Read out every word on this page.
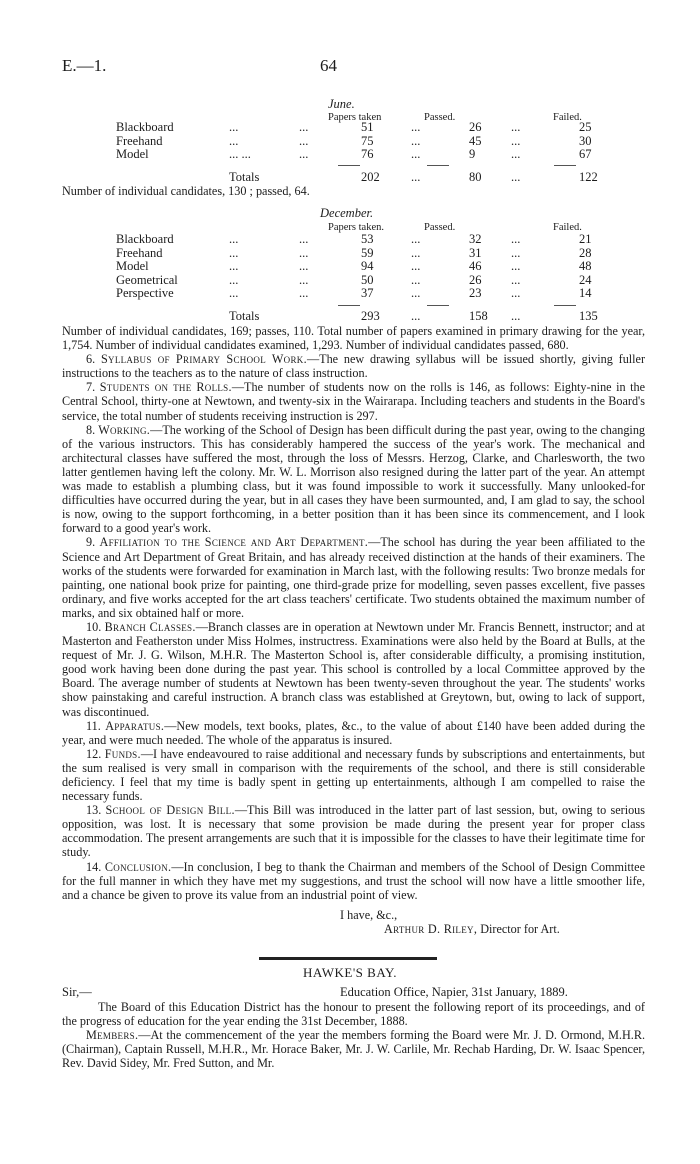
E.—1.	64
June.
Papers taken	Passed.	Failed.
Blackboard	...	...	51	...	26	...	25
Freehand	...	...	75	...	45	...	30
Model	... ...	...	76	...	9	...	67
	Totals		202	...	80	...	122
Number of individual candidates, 130 ; passed, 64.
December.
Papers taken.	Passed.	Failed.
Blackboard	...	...	53	...	32	...	21
Freehand	...	...	59	...	31	...	28
Model	...	...	94	...	46	...	48
Geometrical	...	...	50	...	26	...	24
Perspective	...	...	37	...	23	...	14
	Totals		293	...	158	...	135

Number of individual candidates, 169; passes, 110. Total number of papers examined in primary drawing for the year, 1,754. Number of individual candidates examined, 1,293. Number of individual candidates passed, 680.

6. Syllabus of Primary School Work.—The new drawing syllabus will be issued shortly, giving fuller instructions to the teachers as to the nature of class instruction.

7. Students on the Rolls.—The number of students now on the rolls is 146, as follows: Eighty-nine in the Central School, thirty-one at Newtown, and twenty-six in the Wairarapa. Including teachers and students in the Board's service, the total number of students receiving instruction is 297.

8. Working.—The working of the School of Design has been difficult during the past year, owing to the changing of the various instructors. This has considerably hampered the success of the year's work. The mechanical and architectural classes have suffered the most, through the loss of Messrs. Herzog, Clarke, and Charlesworth, the two latter gentlemen having left the colony. Mr. W. L. Morrison also resigned during the latter part of the year. An attempt was made to establish a plumbing class, but it was found impossible to work it successfully. Many unlooked-for difficulties have occurred during the year, but in all cases they have been surmounted, and, I am glad to say, the school is now, owing to the support forthcoming, in a better position than it has been since its commencement, and I look forward to a good year's work.

9. Affiliation to the Science and Art Department.—The school has during the year been affiliated to the Science and Art Department of Great Britain, and has already received distinction at the hands of their examiners. The works of the students were forwarded for examination in March last, with the following results: Two bronze medals for painting, one national book prize for painting, one third-grade prize for modelling, seven passes excellent, five passes ordinary, and five works accepted for the art class teachers' certificate. Two students obtained the maximum number of marks, and six obtained half or more.

10. Branch Classes.—Branch classes are in operation at Newtown under Mr. Francis Bennett, instructor; and at Masterton and Featherston under Miss Holmes, instructress. Examinations were also held by the Board at Bulls, at the request of Mr. J. G. Wilson, M.H.R. The Masterton School is, after considerable difficulty, a promising institution, good work having been done during the past year. This school is controlled by a local Committee approved by the Board. The average number of students at Newtown has been twenty-seven throughout the year. The students' works show painstaking and careful instruction. A branch class was established at Greytown, but, owing to lack of support, was discontinued.

11. Apparatus.—New models, text books, plates, &c., to the value of about £140 have been added during the year, and were much needed. The whole of the apparatus is insured.

12. Funds.—I have endeavoured to raise additional and necessary funds by subscriptions and entertainments, but the sum realised is very small in comparison with the requirements of the school, and there is still considerable deficiency. I feel that my time is badly spent in getting up entertainments, although I am compelled to raise the necessary funds.

13. School of Design Bill.—This Bill was introduced in the latter part of last session, but, owing to serious opposition, was lost. It is necessary that some provision be made during the present year for proper class accommodation. The present arrangements are such that it is impossible for the classes to have their legitimate time for study.

14. Conclusion.—In conclusion, I beg to thank the Chairman and members of the School of Design Committee for the full manner in which they have met my suggestions, and trust the school will now have a little smoother life, and a chance be given to prove its value from an industrial point of view.

I have, &c.,
Arthur D. Riley, Director for Art.
HAWKE'S BAY.
Sir,—	Education Office, Napier, 31st January, 1889.

The Board of this Education District has the honour to present the following report of its proceedings, and of the progress of education for the year ending the 31st December, 1888.

Members.—At the commencement of the year the members forming the Board were Mr. J. D. Ormond, M.H.R. (Chairman), Captain Russell, M.H.R., Mr. Horace Baker, Mr. J. W. Carlile, Mr. Rechab Harding, Dr. W. Isaac Spencer, Rev. David Sidey, Mr. Fred Sutton, and Mr.
